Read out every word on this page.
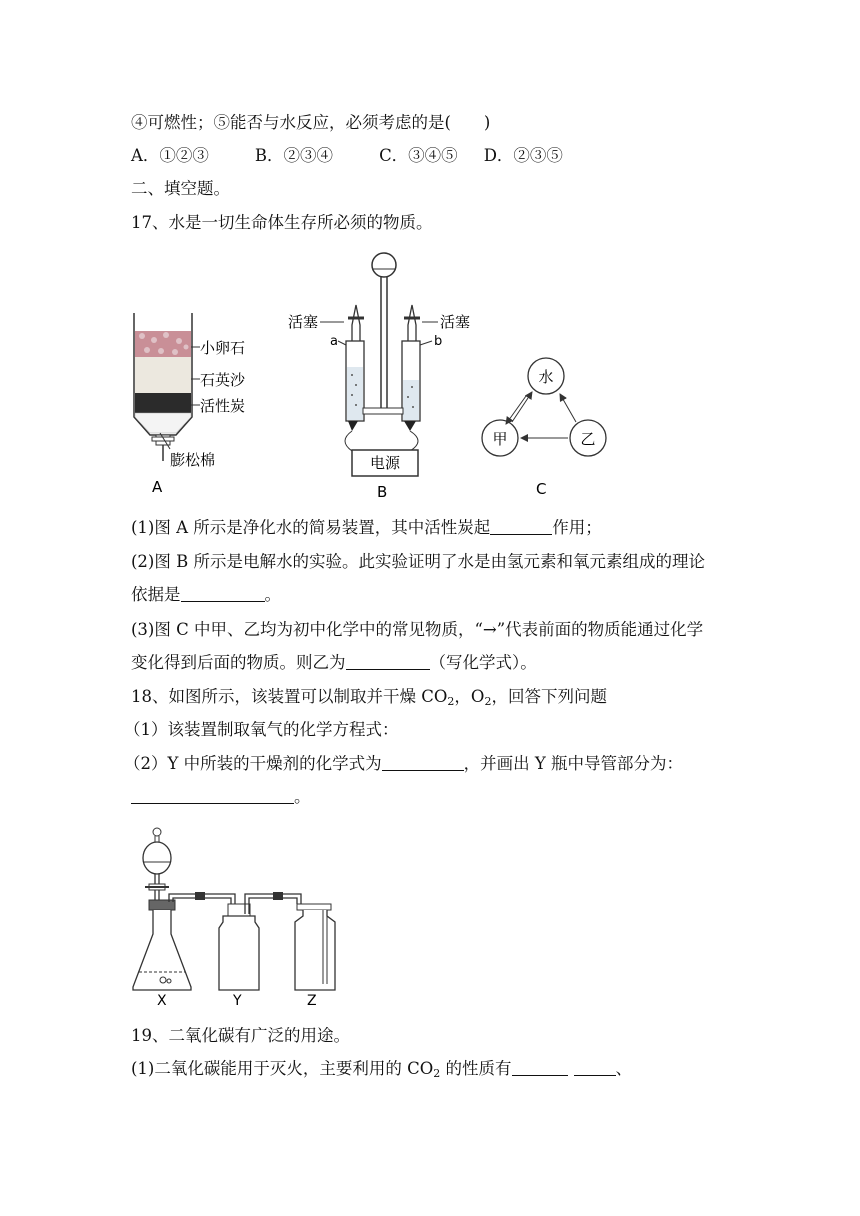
④可燃性；⑤能否与水反应，必须考虑的是(　　)
A．①②③	B．②③④	C．③④⑤ D．②③⑤
二、填空题。
17、水是一切生命体生存所必须的物质。
小卵石
石英沙
活性炭
膨松棉
A
电源
活塞	活塞
a	b
B
水
甲	乙
C
(1)图 A 所示是净化水的简易装置，其中活性炭起	作用；
(2)图 B 所示是电解水的实验。此实验证明了水是由氢元素和氧元素组成的理论
依据是	。
(3)图 C 中甲、乙均为初中化学中的常见物质，“→”代表前面的物质能通过化学
变化得到后面的物质。则乙为	（写化学式）。
18、如图所示，该装置可以制取并干燥 $CO_2$，$O_2$，回答下列问题
（1）该装置制取氧气的化学方程式：
（2）Y 中所装的干燥剂的化学式为	，并画出 Y 瓶中导管部分为：
。
X	Y	Z
19、二氧化碳有广泛的用途。
(1)二氧化碳能用于灭火，主要利用的 $CO_2$ 的性质有	、
